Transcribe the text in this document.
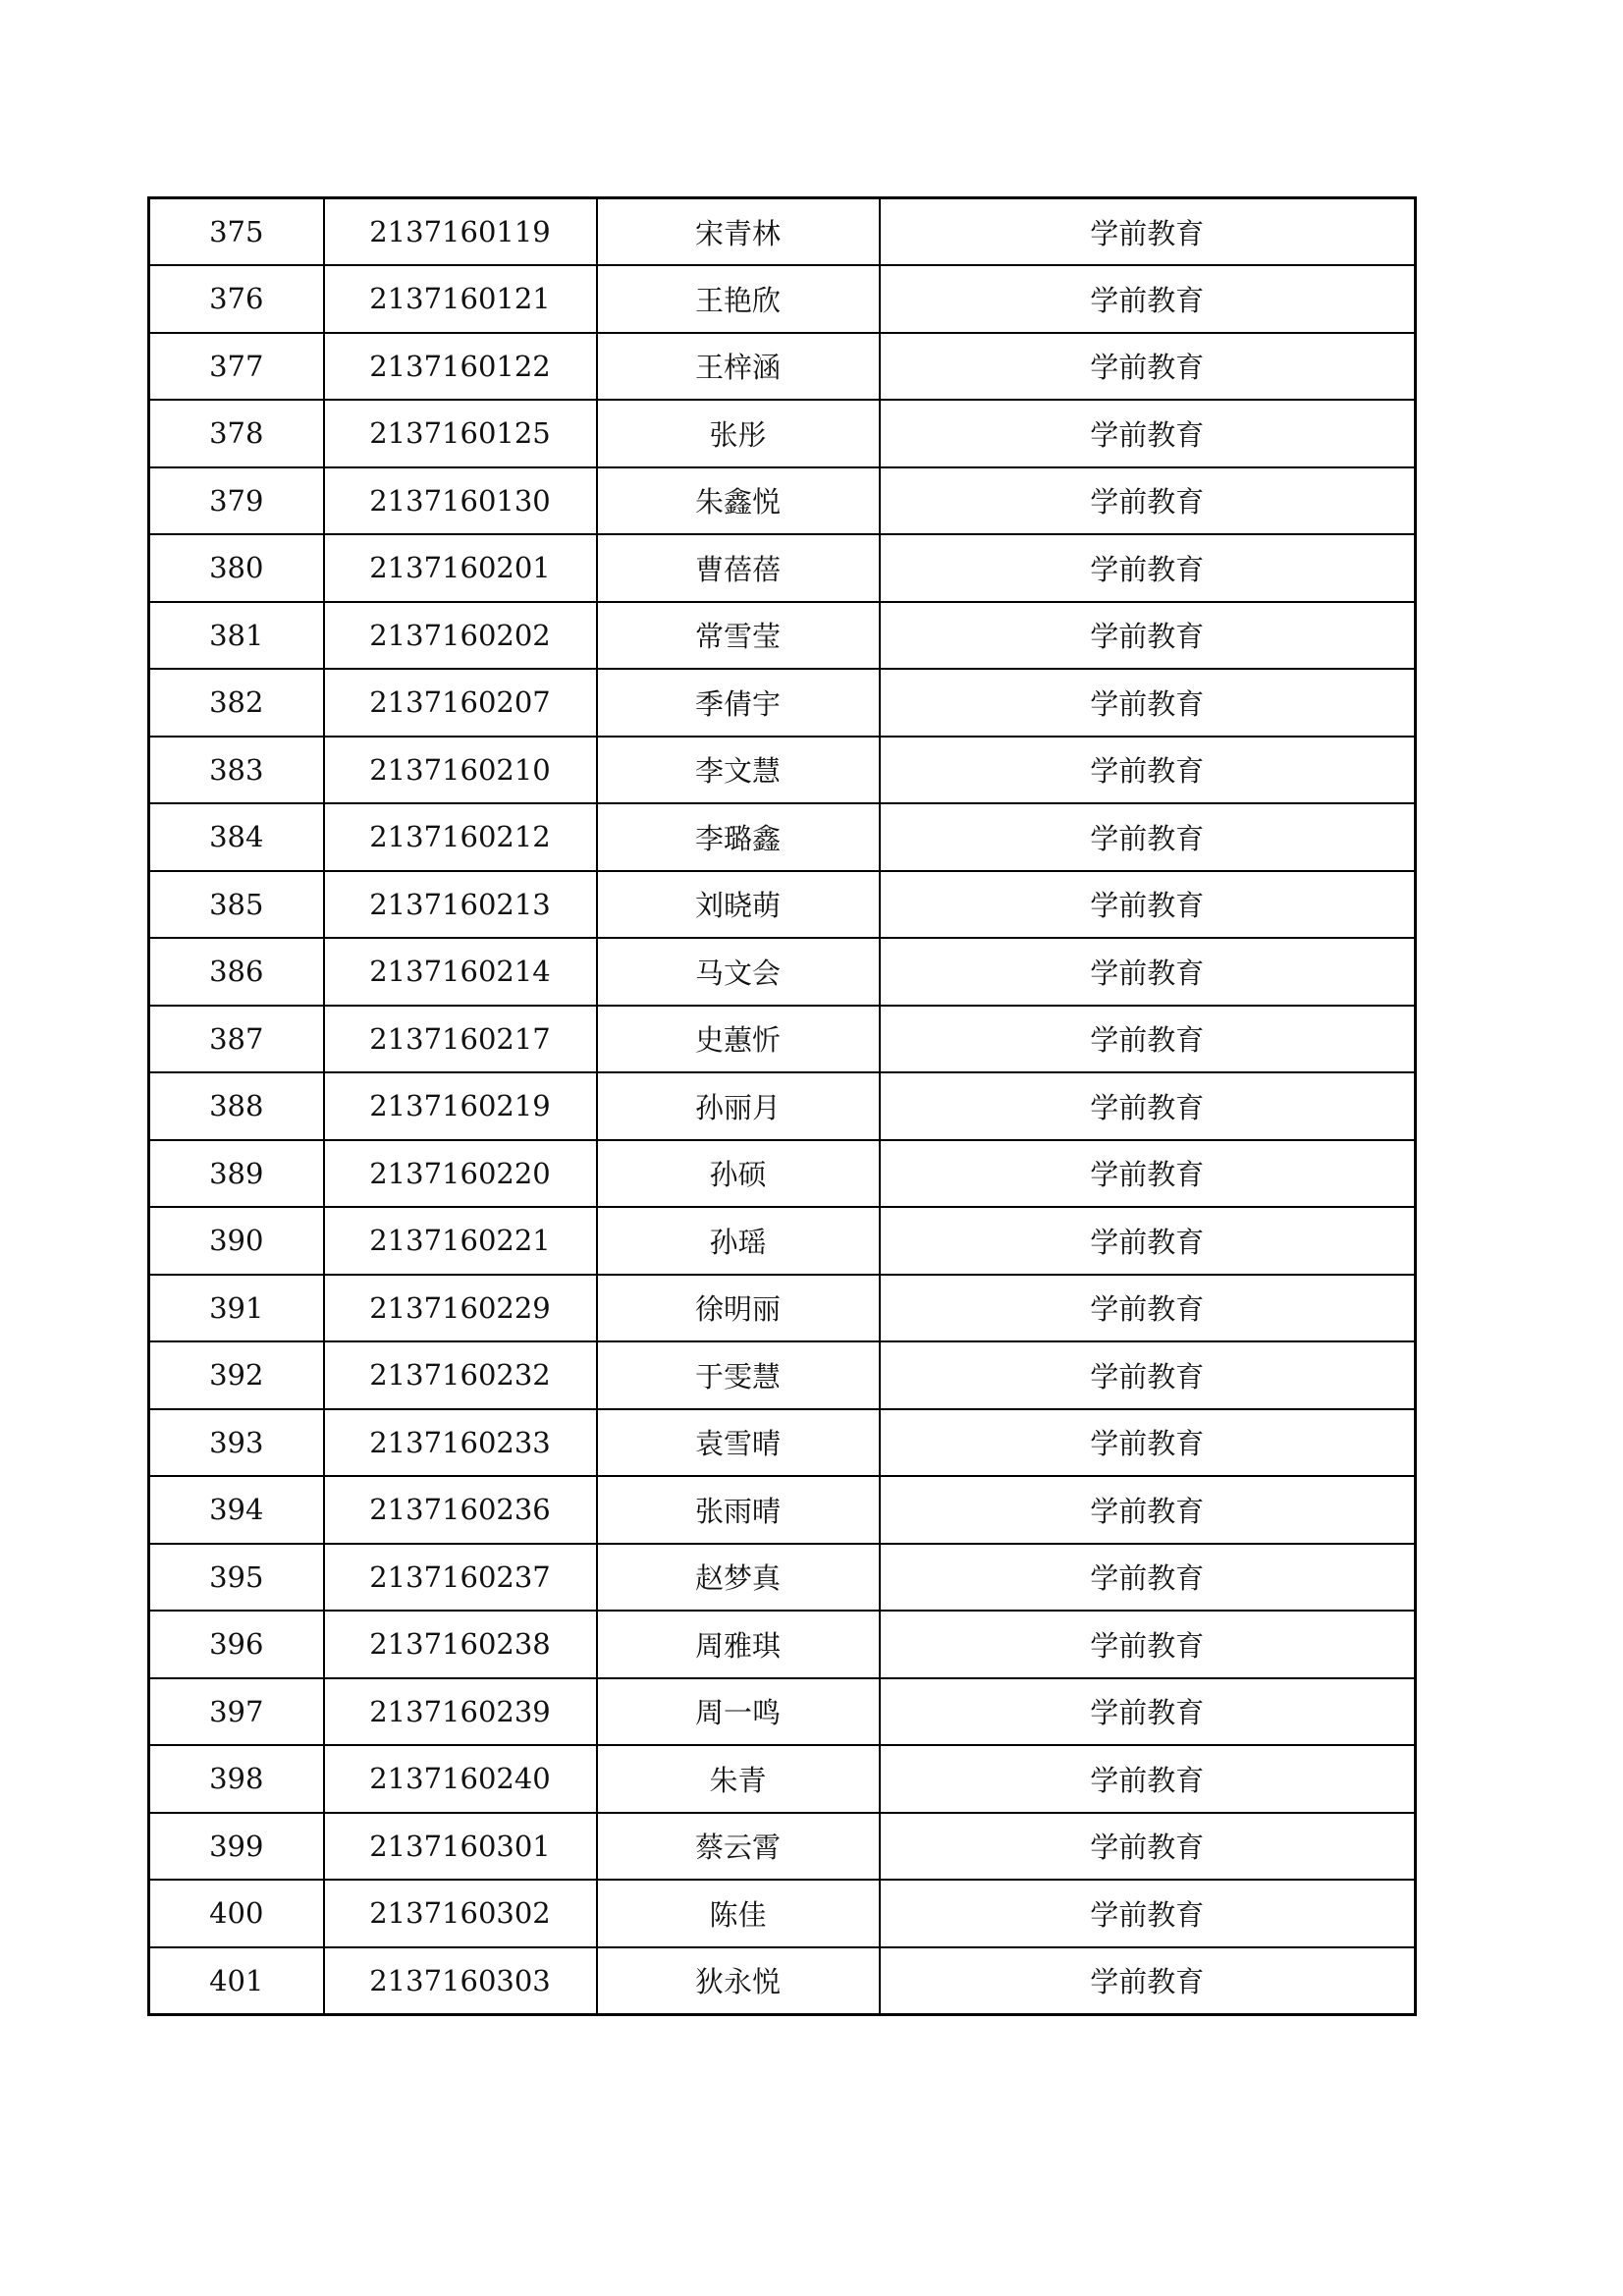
375	2137160119	宋青林	学前教育
376	2137160121	王艳欣	学前教育
377	2137160122	王梓涵	学前教育
378	2137160125	张彤	学前教育
379	2137160130	朱鑫悦	学前教育
380	2137160201	曹蓓蓓	学前教育
381	2137160202	常雪莹	学前教育
382	2137160207	季倩宇	学前教育
383	2137160210	李文慧	学前教育
384	2137160212	李璐鑫	学前教育
385	2137160213	刘晓萌	学前教育
386	2137160214	马文会	学前教育
387	2137160217	史蕙忻	学前教育
388	2137160219	孙丽月	学前教育
389	2137160220	孙硕	学前教育
390	2137160221	孙瑶	学前教育
391	2137160229	徐明丽	学前教育
392	2137160232	于雯慧	学前教育
393	2137160233	袁雪晴	学前教育
394	2137160236	张雨晴	学前教育
395	2137160237	赵梦真	学前教育
396	2137160238	周雅琪	学前教育
397	2137160239	周一鸣	学前教育
398	2137160240	朱青	学前教育
399	2137160301	蔡云霄	学前教育
400	2137160302	陈佳	学前教育
401	2137160303	狄永悦	学前教育
